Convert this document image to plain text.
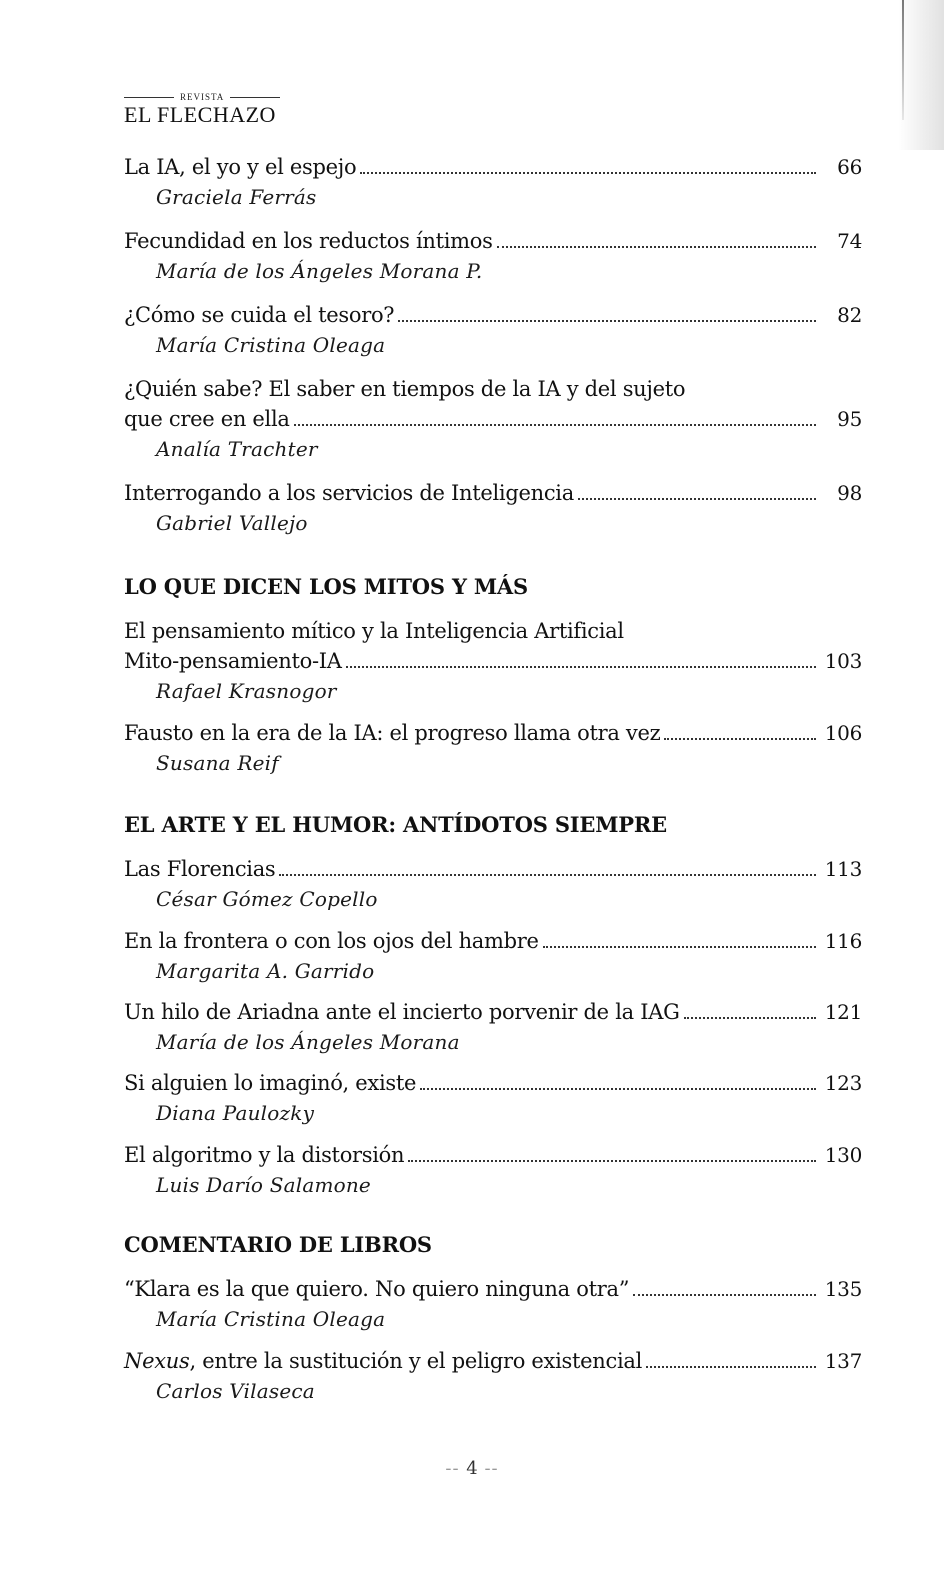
REVISTA
EL FLECHAZO
La IA, el yo y el espejo	66
Graciela Ferrás
Fecundidad en los reductos íntimos	74
María de los Ángeles Morana P.
¿Cómo se cuida el tesoro?	82
María Cristina Oleaga
¿Quién sabe? El saber en tiempos de la IA y del sujeto
que cree en ella	95
Analía Trachter
Interrogando a los servicios de Inteligencia	98
Gabriel Vallejo
LO QUE DICEN LOS MITOS Y MÁS
El pensamiento mítico y la Inteligencia Artificial
Mito-pensamiento-IA	103
Rafael Krasnogor
Fausto en la era de la IA: el progreso llama otra vez	106
Susana Reif
EL ARTE Y EL HUMOR: ANTÍDOTOS SIEMPRE
Las Florencias	113
César Gómez Copello
En la frontera o con los ojos del hambre	116
Margarita A. Garrido
Un hilo de Ariadna ante el incierto porvenir de la IAG	121
María de los Ángeles Morana
Si alguien lo imaginó, existe	123
Diana Paulozky
El algoritmo y la distorsión	130
Luis Darío Salamone
COMENTARIO DE LIBROS
“Klara es la que quiero. No quiero ninguna otra”	135
María Cristina Oleaga
Nexus, entre la sustitución y el peligro existencial	137
Carlos Vilaseca
-- 4 --
